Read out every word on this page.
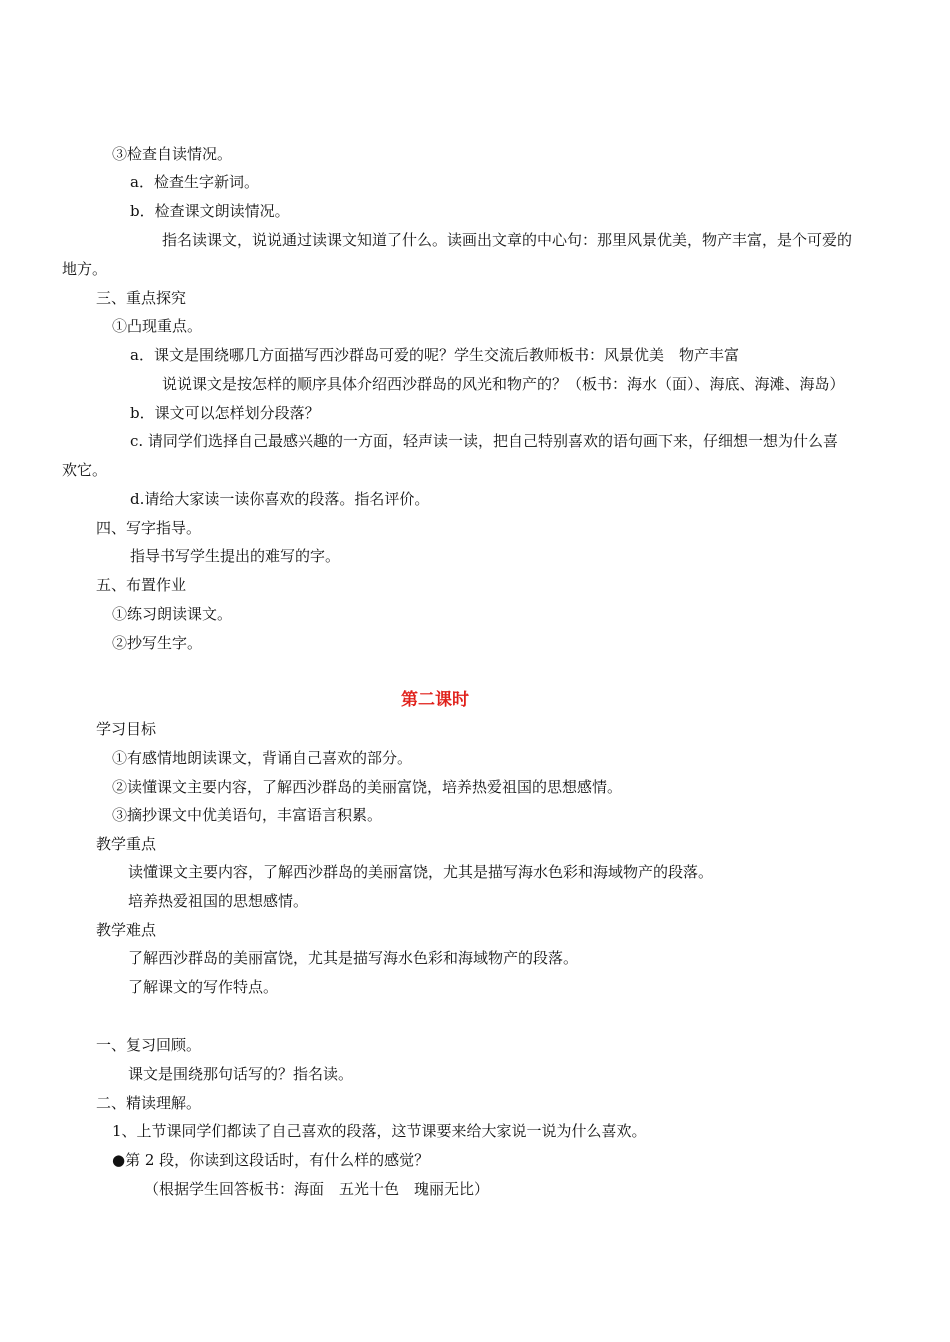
③检查自读情况。
a．检查生字新词。
b．检查课文朗读情况。
指名读课文，说说通过读课文知道了什么。读画出文章的中心句：那里风景优美，物产丰富，是个可爱的
地方。
三、重点探究
①凸现重点。
a．课文是围绕哪几方面描写西沙群岛可爱的呢？学生交流后教师板书：风景优美　物产丰富
说说课文是按怎样的顺序具体介绍西沙群岛的风光和物产的？（板书：海水（面）、海底、海滩、海岛）
b．课文可以怎样划分段落？
c. 请同学们选择自己最感兴趣的一方面，轻声读一读，把自己特别喜欢的语句画下来，仔细想一想为什么喜
欢它。
d.请给大家读一读你喜欢的段落。指名评价。
四、写字指导。
指导书写学生提出的难写的字。
五、布置作业
①练习朗读课文。
②抄写生字。
第二课时
学习目标
①有感情地朗读课文，背诵自己喜欢的部分。
②读懂课文主要内容，了解西沙群岛的美丽富饶，培养热爱祖国的思想感情。
③摘抄课文中优美语句，丰富语言积累。
教学重点
读懂课文主要内容，了解西沙群岛的美丽富饶，尤其是描写海水色彩和海域物产的段落。
培养热爱祖国的思想感情。
教学难点
了解西沙群岛的美丽富饶，尤其是描写海水色彩和海域物产的段落。
了解课文的写作特点。
一、复习回顾。
课文是围绕那句话写的？指名读。
二、精读理解。
1、上节课同学们都读了自己喜欢的段落，这节课要来给大家说一说为什么喜欢。
●第 2 段，你读到这段话时，有什么样的感觉？
（根据学生回答板书：海面　五光十色　瑰丽无比）
